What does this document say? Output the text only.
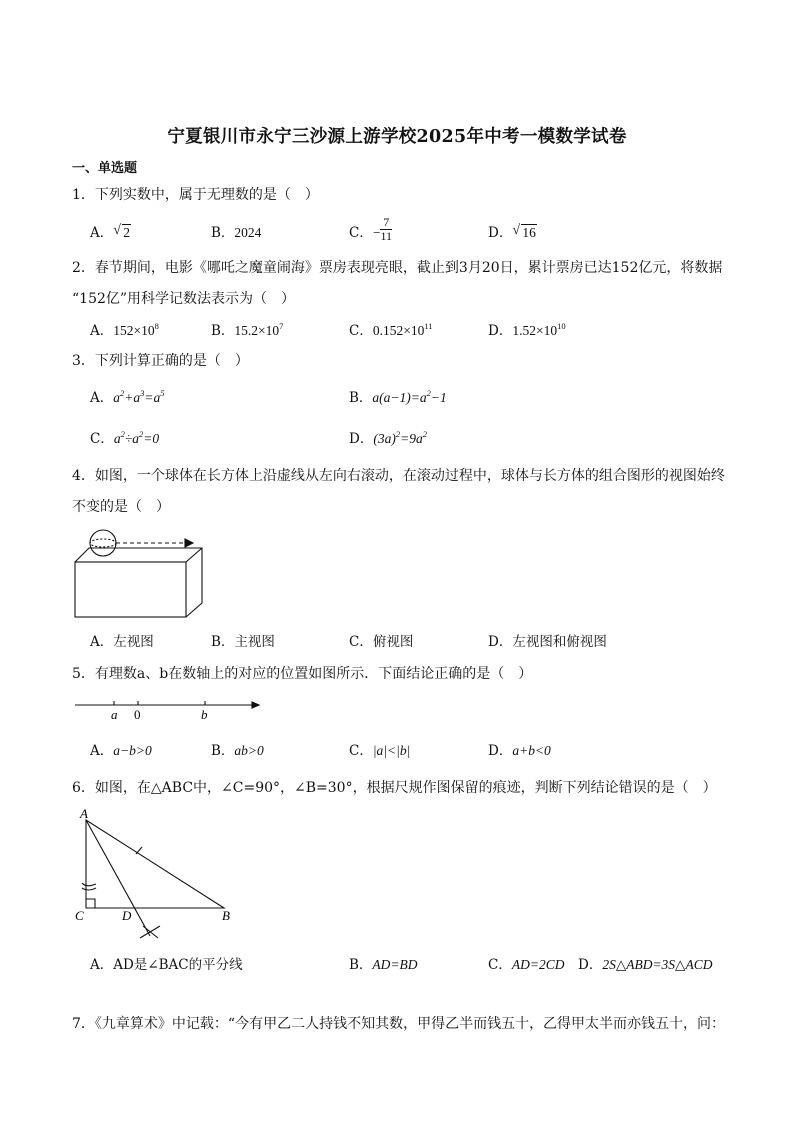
宁夏银川市永宁三沙源上游学校2025年中考一模数学试卷
一、单选题
1．下列实数中，属于无理数的是（　）
A． √ 2	B．2024	C．− $\frac{7}{11}$	D． √ 16
2．春节期间，电影《哪吒之魔童闹海》票房表现亮眼，截止到3月20日，累计票房已达152亿元，将数据
“152亿”用科学记数法表示为（　）
A．$152\times 10^8$	B．$15.2\times 10^7$	C．$0.152\times 10^{11}$	D．$1.52\times 10^{10}$
3．下列计算正确的是（　）
A．$a^2+a^3=a^5$	B．$a(a-1)=a^2-1$
C．$a^2\div a^2=0$	D．$(3a)^2=9a^2$
4．如图，一个球体在长方体上沿虚线从左向右滚动，在滚动过程中，球体与长方体的组合图形的视图始终
不变的是（　）
A．左视图	B．主视图	C．俯视图	D．左视图和俯视图
5．有理数a、b在数轴上的对应的位置如图所示．下面结论正确的是（　）
a 0	b
A．a−b>0	B．ab>0	C．|a|<|b|	D．a+b<0
6．如图，在△ABC中，∠C=90°，∠B=30°，根据尺规作图保留的痕迹，判断下列结论错误的是（　）
A
C	D	B
A．AD是∠BAC的平分线	B．AD=BD	C．AD=2CD D．2S△ABD=3S△ACD
7．《九章算术》中记载：“今有甲乙二人持钱不知其数，甲得乙半而钱五十，乙得甲太半而亦钱五十，问：
